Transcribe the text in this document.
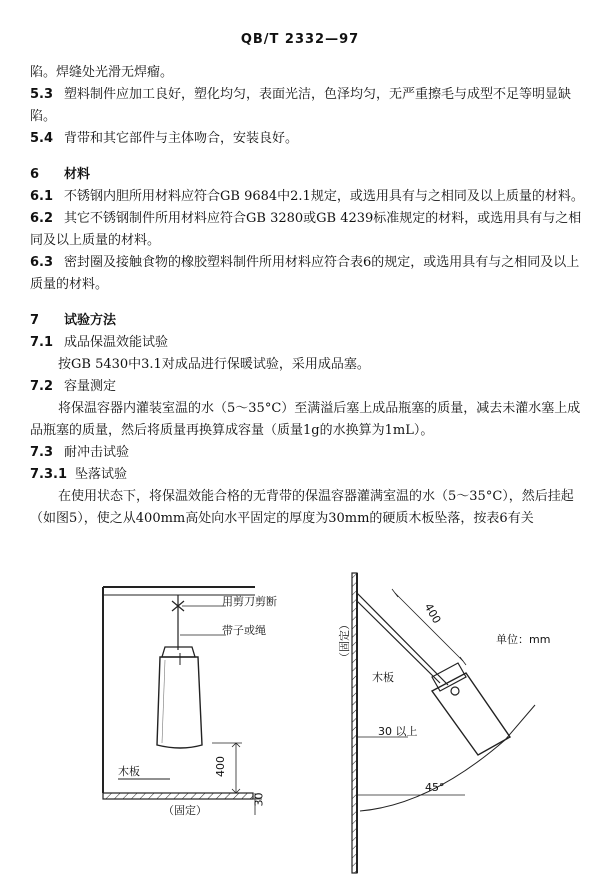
QB/T 2332—97

陷。焊缝处光滑无焊瘤。

5.3 塑料制件应加工良好，塑化均匀，表面光洁，色泽均匀，无严重擦毛与成型不足等明显缺陷。

5.4 背带和其它部件与主体吻合，安装良好。

6 材料

6.1 不锈钢内胆所用材料应符合GB 9684中2.1规定，或选用具有与之相同及以上质量的材料。

6.2 其它不锈钢制件所用材料应符合GB 3280或GB 4239标准规定的材料，或选用具有与之相同及以上质量的材料。

6.3 密封圈及接触食物的橡胶塑料制件所用材料应符合表6的规定，或选用具有与之相同及以上质量的材料。

7 试验方法

7.1 成品保温效能试验

按GB 5430中3.1对成品进行保暖试验，采用成品塞。

7.2 容量测定

将保温容器内灌装室温的水（5～35°C）至满溢后塞上成品瓶塞的质量，减去未灌水塞上成品瓶塞的质量，然后将质量再换算成容量（质量1g的水换算为1mL）。

7.3 耐冲击试验

7.3.1 坠落试验

在使用状态下，将保温效能合格的无背带的保温容器灌满室温的水（5～35°C），然后挂起（如图5），使之从400mm高处向水平固定的厚度为30mm的硬质木板坠落，按表6有关

用剪刀剪断
带子或绳
木板	400
30
（固定）
400
单位：mm
（固定）
木板
30 以上
45°
